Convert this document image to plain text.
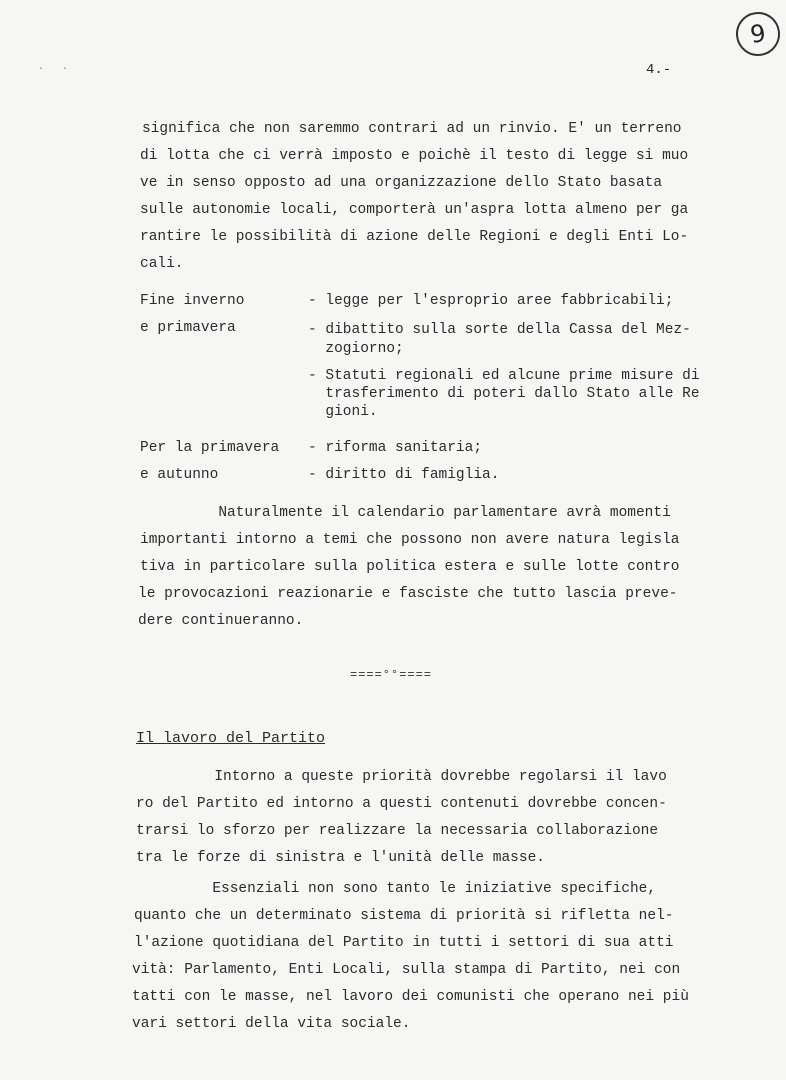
9
· ·	4.-
significa che non saremmo contrari ad un rinvio. E' un terreno
di lotta che ci verrà imposto e poichè il testo di legge si muo
ve in senso opposto ad una organizzazione dello Stato basata
sulle autonomie locali, comporterà un'aspra lotta almeno per ga
rantire le possibilità di azione delle Regioni e degli Enti Lo-
cali.
Fine inverno
e primavera
- legge per l'esproprio aree fabbricabili;
- dibattito sulla sorte della Cassa del Mez-
zogiorno;
- Statuti regionali ed alcune prime misure di
trasferimento di poteri dallo Stato alle Re
gioni.
Per la primavera
e autunno
- riforma sanitaria;
- diritto di famiglia.
Naturalmente il calendario parlamentare avrà momenti
importanti intorno a temi che possono non avere natura legisla
tiva in particolare sulla politica estera e sulle lotte contro
le provocazioni reazionarie e fasciste che tutto lascia preve-
dere continueranno.
====°°====
Il lavoro del Partito
Intorno a queste priorità dovrebbe regolarsi il lavo
ro del Partito ed intorno a questi contenuti dovrebbe concen-
trarsi lo sforzo per realizzare la necessaria collaborazione
tra le forze di sinistra e l'unità delle masse.
Essenziali non sono tanto le iniziative specifiche,
quanto che un determinato sistema di priorità si rifletta nel-
l'azione quotidiana del Partito in tutti i settori di sua atti
vità: Parlamento, Enti Locali, sulla stampa di Partito, nei con
tatti con le masse, nel lavoro dei comunisti che operano nei più
vari settori della vita sociale.
